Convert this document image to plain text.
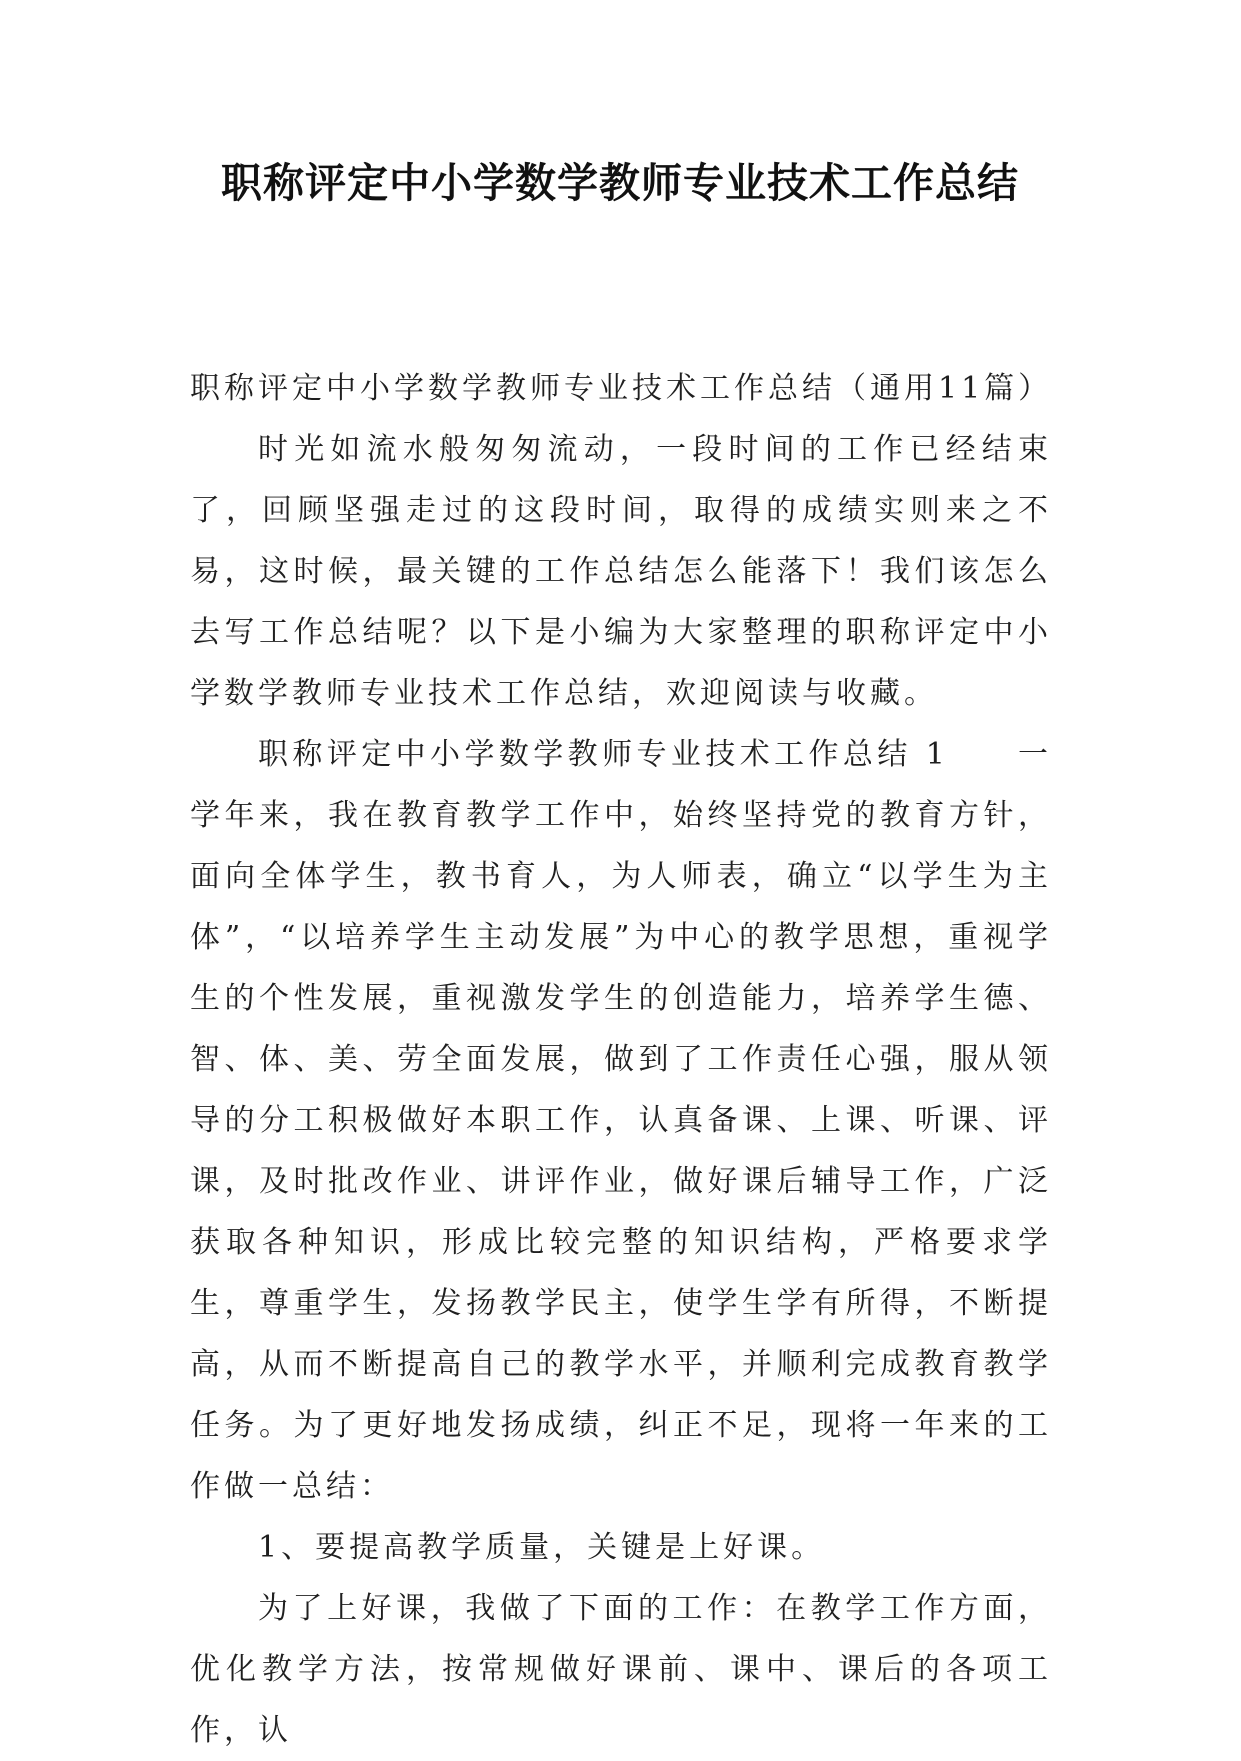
职称评定中小学数学教师专业技术工作总结

职称评定中小学数学教师专业技术工作总结（通用11篇）

时光如流水般匆匆流动，一段时间的工作已经结束了，回顾坚强走过的这段时间，取得的成绩实则来之不易，这时候，最关键的工作总结怎么能落下！我们该怎么去写工作总结呢？以下是小编为大家整理的职称评定中小学数学教师专业技术工作总结，欢迎阅读与收藏。

职称评定中小学数学教师专业技术工作总结 1　　一学年来，我在教育教学工作中，始终坚持党的教育方针，面向全体学生，教书育人，为人师表，确立“以学生为主体”，“以培养学生主动发展”为中心的教学思想，重视学生的个性发展，重视激发学生的创造能力，培养学生德、智、体、美、劳全面发展，做到了工作责任心强，服从领导的分工积极做好本职工作，认真备课、上课、听课、评课，及时批改作业、讲评作业，做好课后辅导工作，广泛获取各种知识，形成比较完整的知识结构，严格要求学生，尊重学生，发扬教学民主，使学生学有所得，不断提高，从而不断提高自己的教学水平，并顺利完成教育教学任务。为了更好地发扬成绩，纠正不足，现将一年来的工作做一总结：

1、要提高教学质量，关键是上好课。

为了上好课，我做了下面的工作：在教学工作方面，优化教学方法，按常规做好课前、课中、课后的各项工作，认
